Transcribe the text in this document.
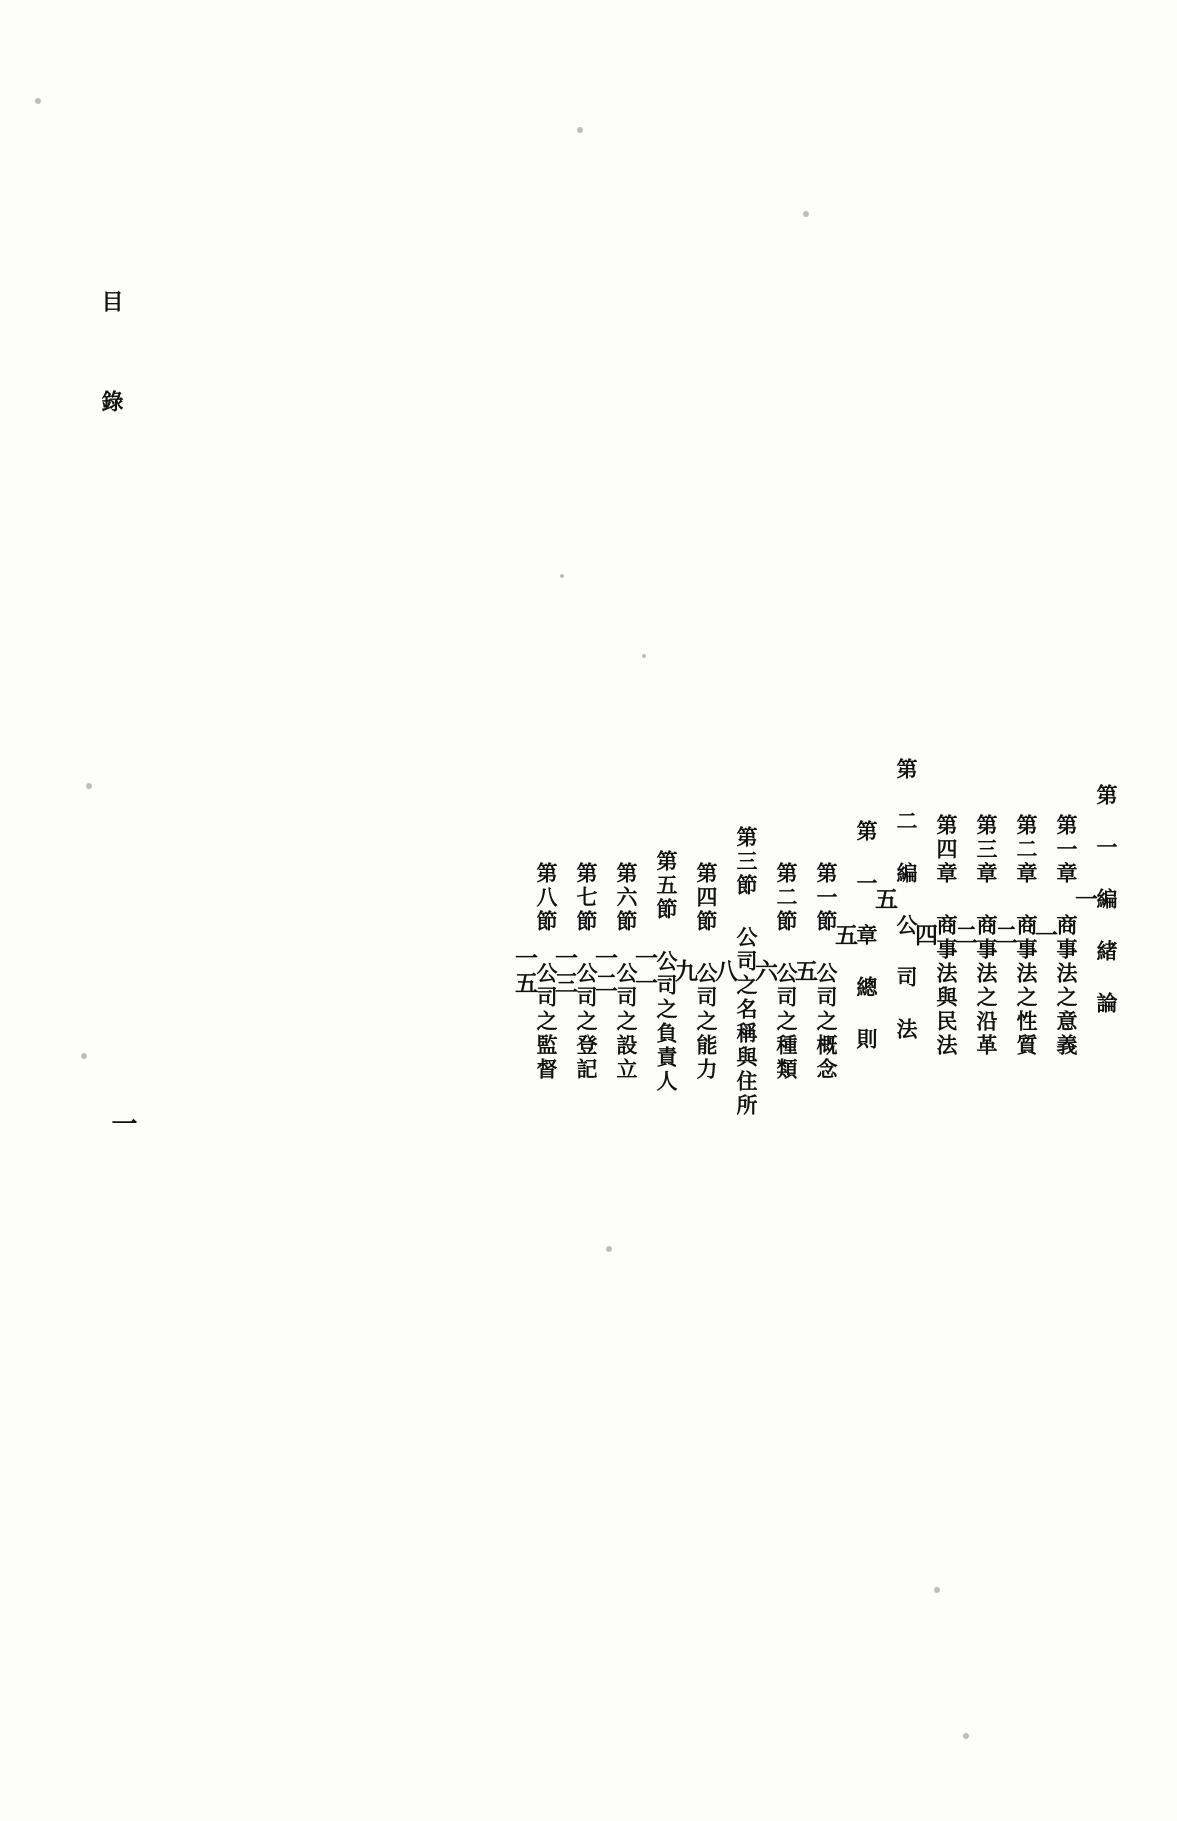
第 一 編 緒 論
一
第一章 商事法之意義
一
第二章 商事法之性質
二
第三章 商事法之沿革
二
第四章 商事法與民法
四
第 二 編 公 司 法
五
第 一 章 總 則
五
第一節 公司之概念
五
第二節 公司之種類
六
第三節 公司之名稱與住所
八
第四節 公司之能力
九
第五節 公司之負責人
一一
第六節 公司之設立
一二
第七節 公司之登記
一三
第八節 公司之監督
一五
目 錄
一
